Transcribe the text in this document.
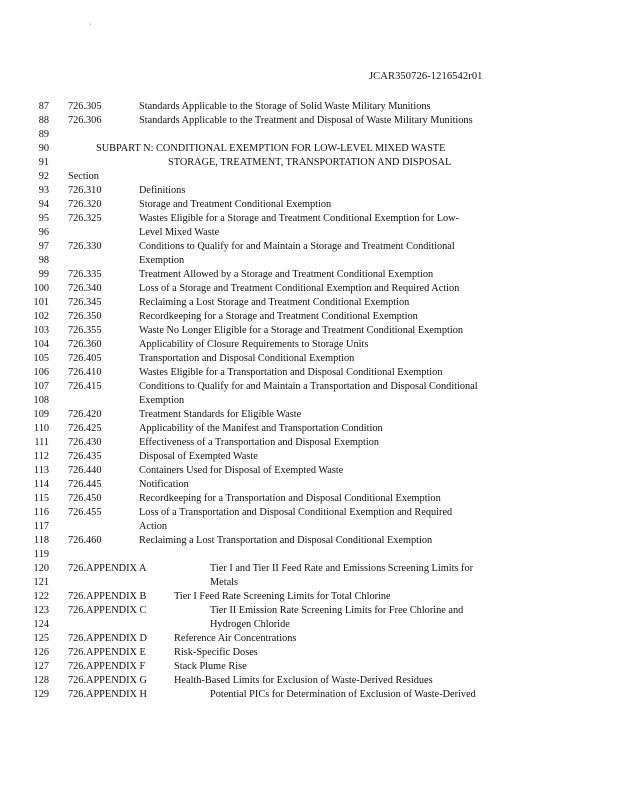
'
JCAR350726-1216542r01
87 726.305	Standards Applicable to the Storage of Solid Waste Military Munitions
88 726.306	Standards Applicable to the Treatment and Disposal of Waste Military Munitions
89
90	SUBPART N: CONDITIONAL EXEMPTION FOR LOW-LEVEL MIXED WASTE
91	STORAGE, TREATMENT, TRANSPORTATION AND DISPOSAL
92 Section
93 726.310	Definitions
94 726.320	Storage and Treatment Conditional Exemption
95 726.325	Wastes Eligible for a Storage and Treatment Conditional Exemption for Low-
96	Level Mixed Waste
97 726.330	Conditions to Qualify for and Maintain a Storage and Treatment Conditional
98	Exemption
99 726.335	Treatment Allowed by a Storage and Treatment Conditional Exemption
100 726.340	Loss of a Storage and Treatment Conditional Exemption and Required Action
101 726.345	Reclaiming a Lost Storage and Treatment Conditional Exemption
102 726.350	Recordkeeping for a Storage and Treatment Conditional Exemption
103 726.355	Waste No Longer Eligible for a Storage and Treatment Conditional Exemption
104 726.360	Applicability of Closure Requirements to Storage Units
105 726.405	Transportation and Disposal Conditional Exemption
106 726.410	Wastes Eligible for a Transportation and Disposal Conditional Exemption
107 726.415	Conditions to Qualify for and Maintain a Transportation and Disposal Conditional
108	Exemption
109 726.420	Treatment Standards for Eligible Waste
110 726.425	Applicability of the Manifest and Transportation Condition
111 726.430	Effectiveness of a Transportation and Disposal Exemption
112 726.435	Disposal of Exempted Waste
113 726.440	Containers Used for Disposal of Exempted Waste
114 726.445	Notification
115 726.450	Recordkeeping for a Transportation and Disposal Conditional Exemption
116 726.455	Loss of a Transportation and Disposal Conditional Exemption and Required
117	Action
118 726.460	Reclaiming a Lost Transportation and Disposal Conditional Exemption
119
120 726.APPENDIX A	Tier I and Tier II Feed Rate and Emissions Screening Limits for
121	Metals
122 726.APPENDIX B	Tier I Feed Rate Screening Limits for Total Chlorine
123 726.APPENDIX C	Tier II Emission Rate Screening Limits for Free Chlorine and
124	Hydrogen Chloride
125 726.APPENDIX D	Reference Air Concentrations
126 726.APPENDIX E	Risk-Specific Doses
127 726.APPENDIX F	Stack Plume Rise
128 726.APPENDIX G	Health-Based Limits for Exclusion of Waste-Derived Residues
129 726.APPENDIX H	Potential PICs for Determination of Exclusion of Waste-Derived
